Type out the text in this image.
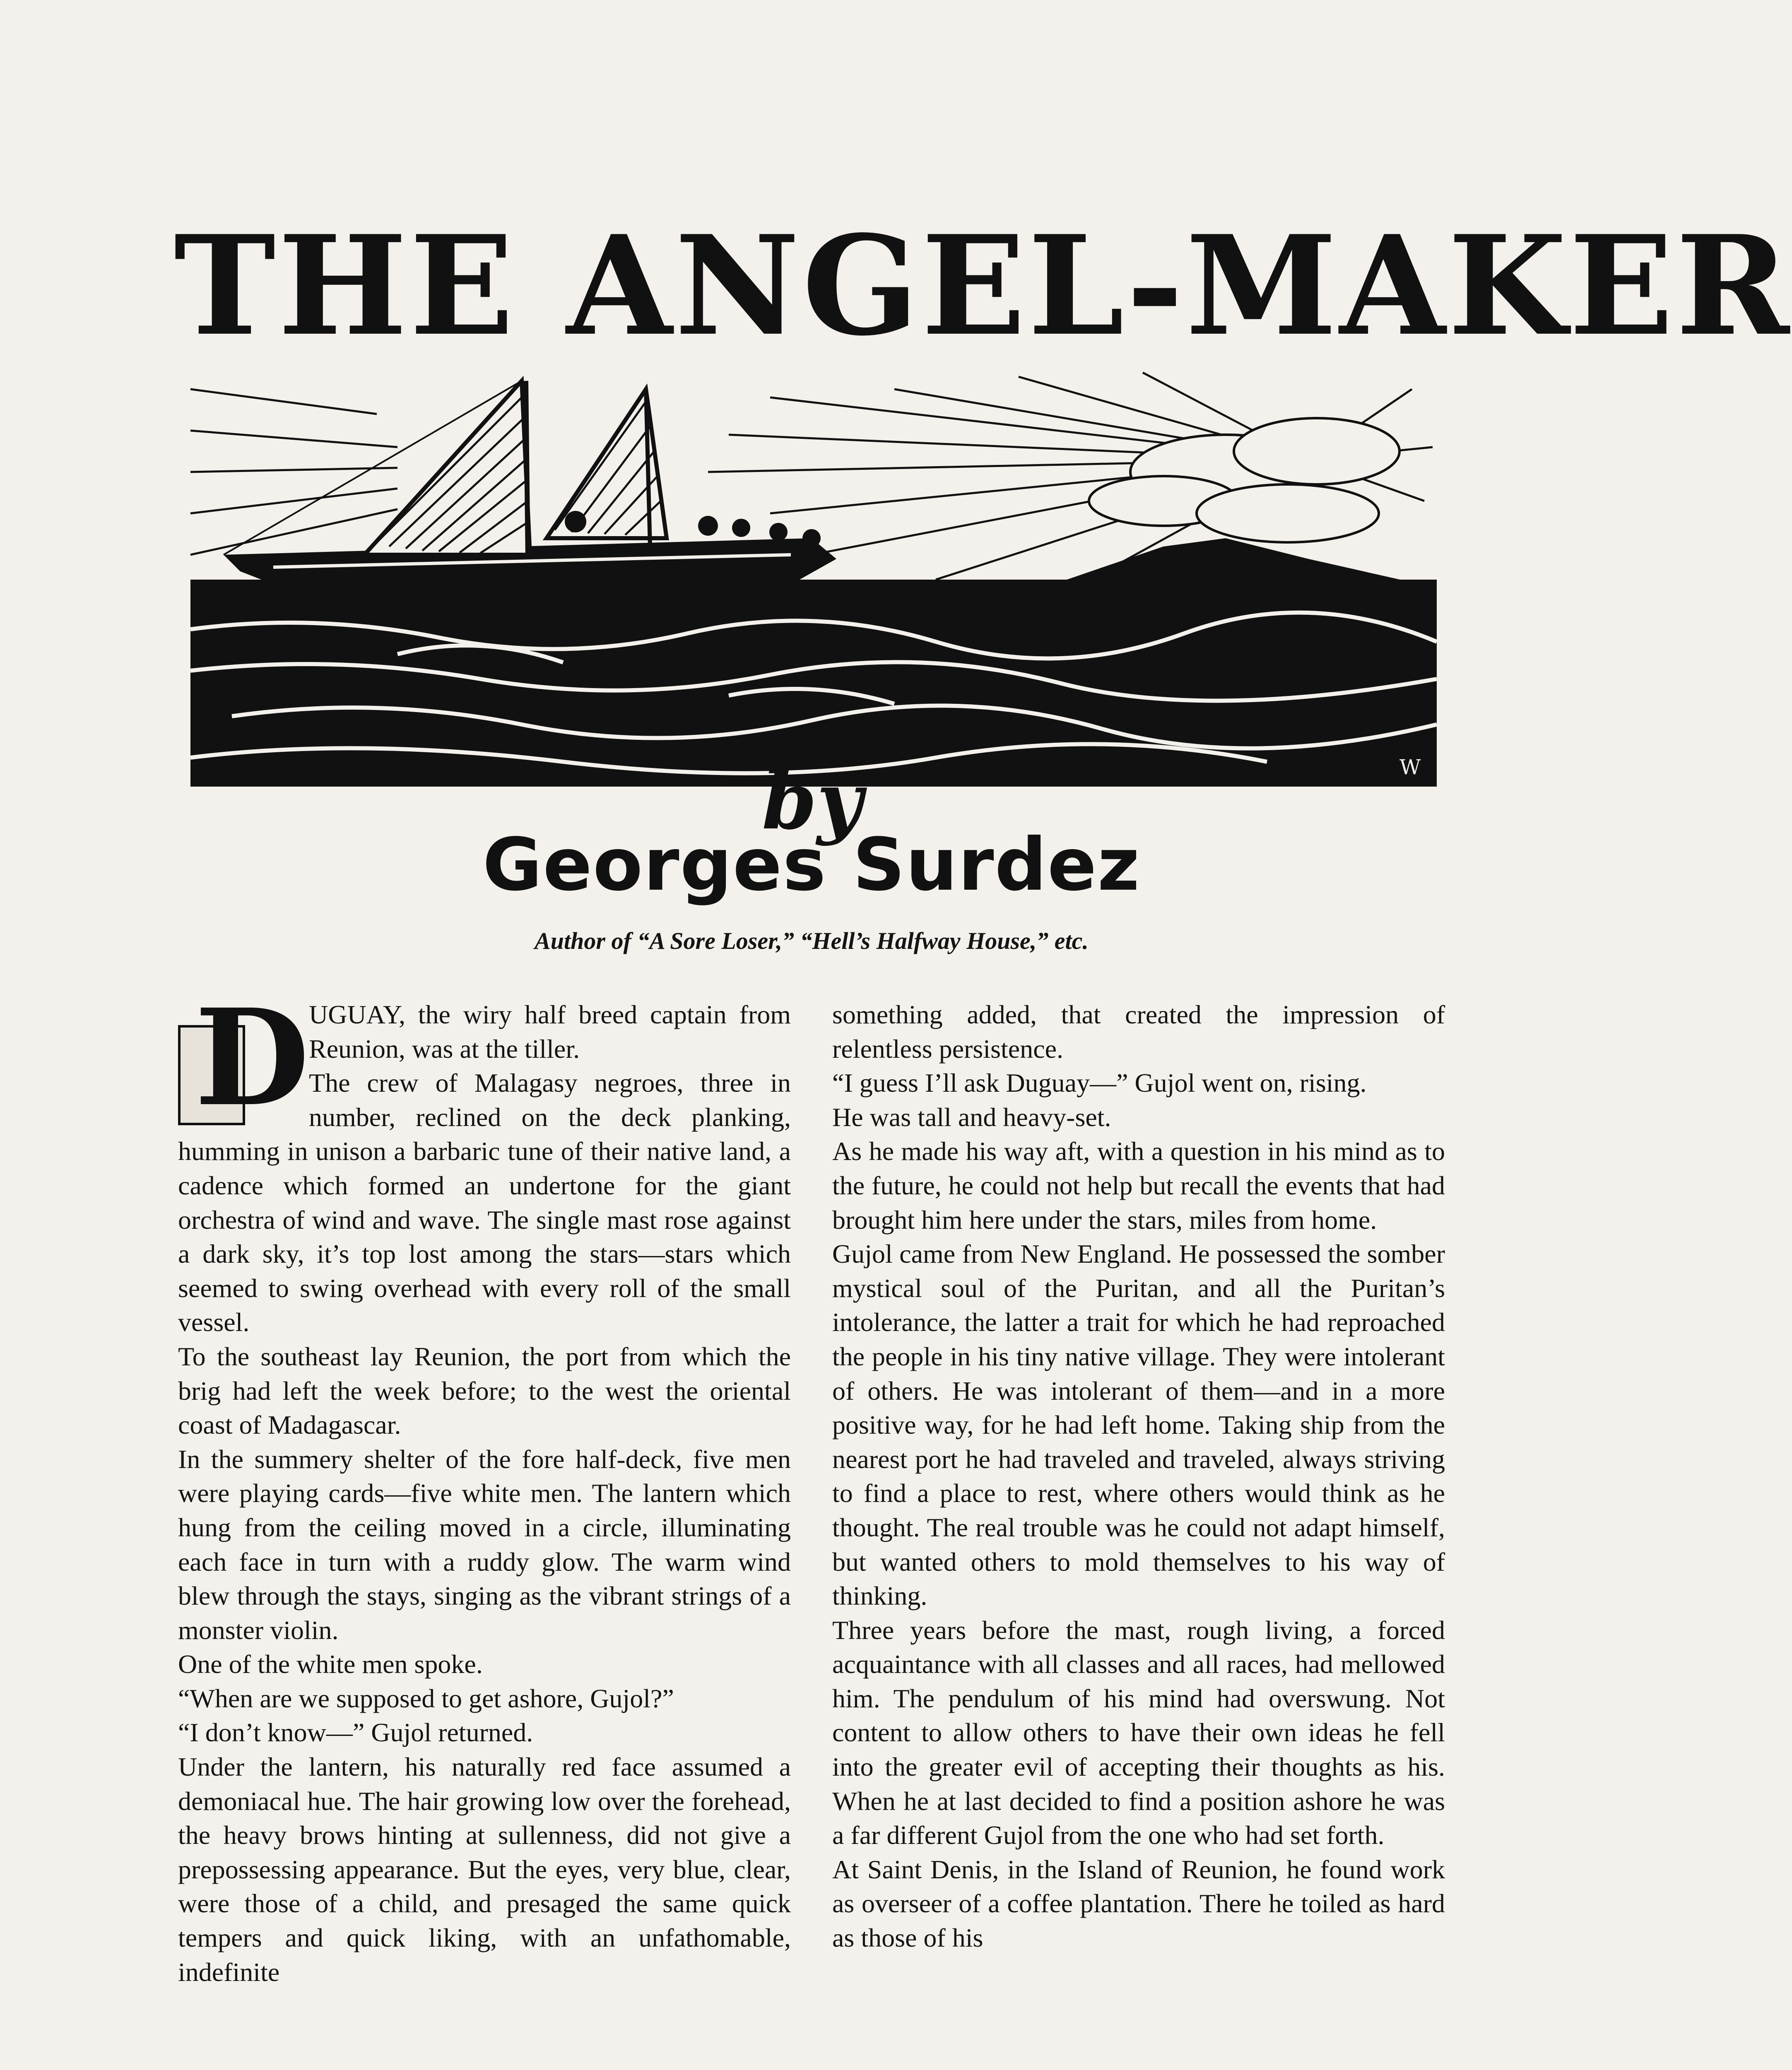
THE ANGEL-MAKER
W
by
Georges Surdez
Author of “A Sore Loser,” “Hell’s Halfway House,” etc.

D
UGUAY, the wiry half breed captain from Reunion, was at the tiller.

The crew of Malagasy negroes, three in number, reclined on the deck planking, humming in unison a barbaric tune of their native land, a cadence which formed an undertone for the giant orchestra of wind and wave. The single mast rose against a dark sky, it’s top lost among the stars—stars which seemed to swing overhead with every roll of the small vessel.

To the southeast lay Reunion, the port from which the brig had left the week before; to the west the oriental coast of Madagascar.

In the summery shelter of the fore half-deck, five men were playing cards—five white men. The lantern which hung from the ceiling moved in a circle, illuminating each face in turn with a ruddy glow. The warm wind blew through the stays, singing as the vibrant strings of a monster violin.

One of the white men spoke.

“When are we supposed to get ashore, Gujol?”

“I don’t know—” Gujol returned.

Under the lantern, his naturally red face assumed a demoniacal hue. The hair growing low over the forehead, the heavy brows hinting at sullenness, did not give a prepossessing appearance. But the eyes, very blue, clear, were those of a child, and presaged the same quick tempers and quick liking, with an unfathomable, indefinite

something added, that created the impression of relentless persistence.

“I guess I’ll ask Duguay—” Gujol went on, rising.

He was tall and heavy-set.

As he made his way aft, with a question in his mind as to the future, he could not help but recall the events that had brought him here under the stars, miles from home.

Gujol came from New England. He possessed the somber mystical soul of the Puritan, and all the Puritan’s intolerance, the latter a trait for which he had reproached the people in his tiny native village. They were intolerant of others. He was intolerant of them—and in a more positive way, for he had left home. Taking ship from the nearest port he had traveled and traveled, always striving to find a place to rest, where others would think as he thought. The real trouble was he could not adapt himself, but wanted others to mold themselves to his way of thinking.

Three years before the mast, rough living, a forced acquaintance with all classes and all races, had mellowed him. The pendulum of his mind had overswung. Not content to allow others to have their own ideas he fell into the greater evil of accepting their thoughts as his. When he at last decided to find a position ashore he was a far different Gujol from the one who had set forth.

At Saint Denis, in the Island of Reunion, he found work as overseer of a coffee plantation. There he toiled as hard as those of his
